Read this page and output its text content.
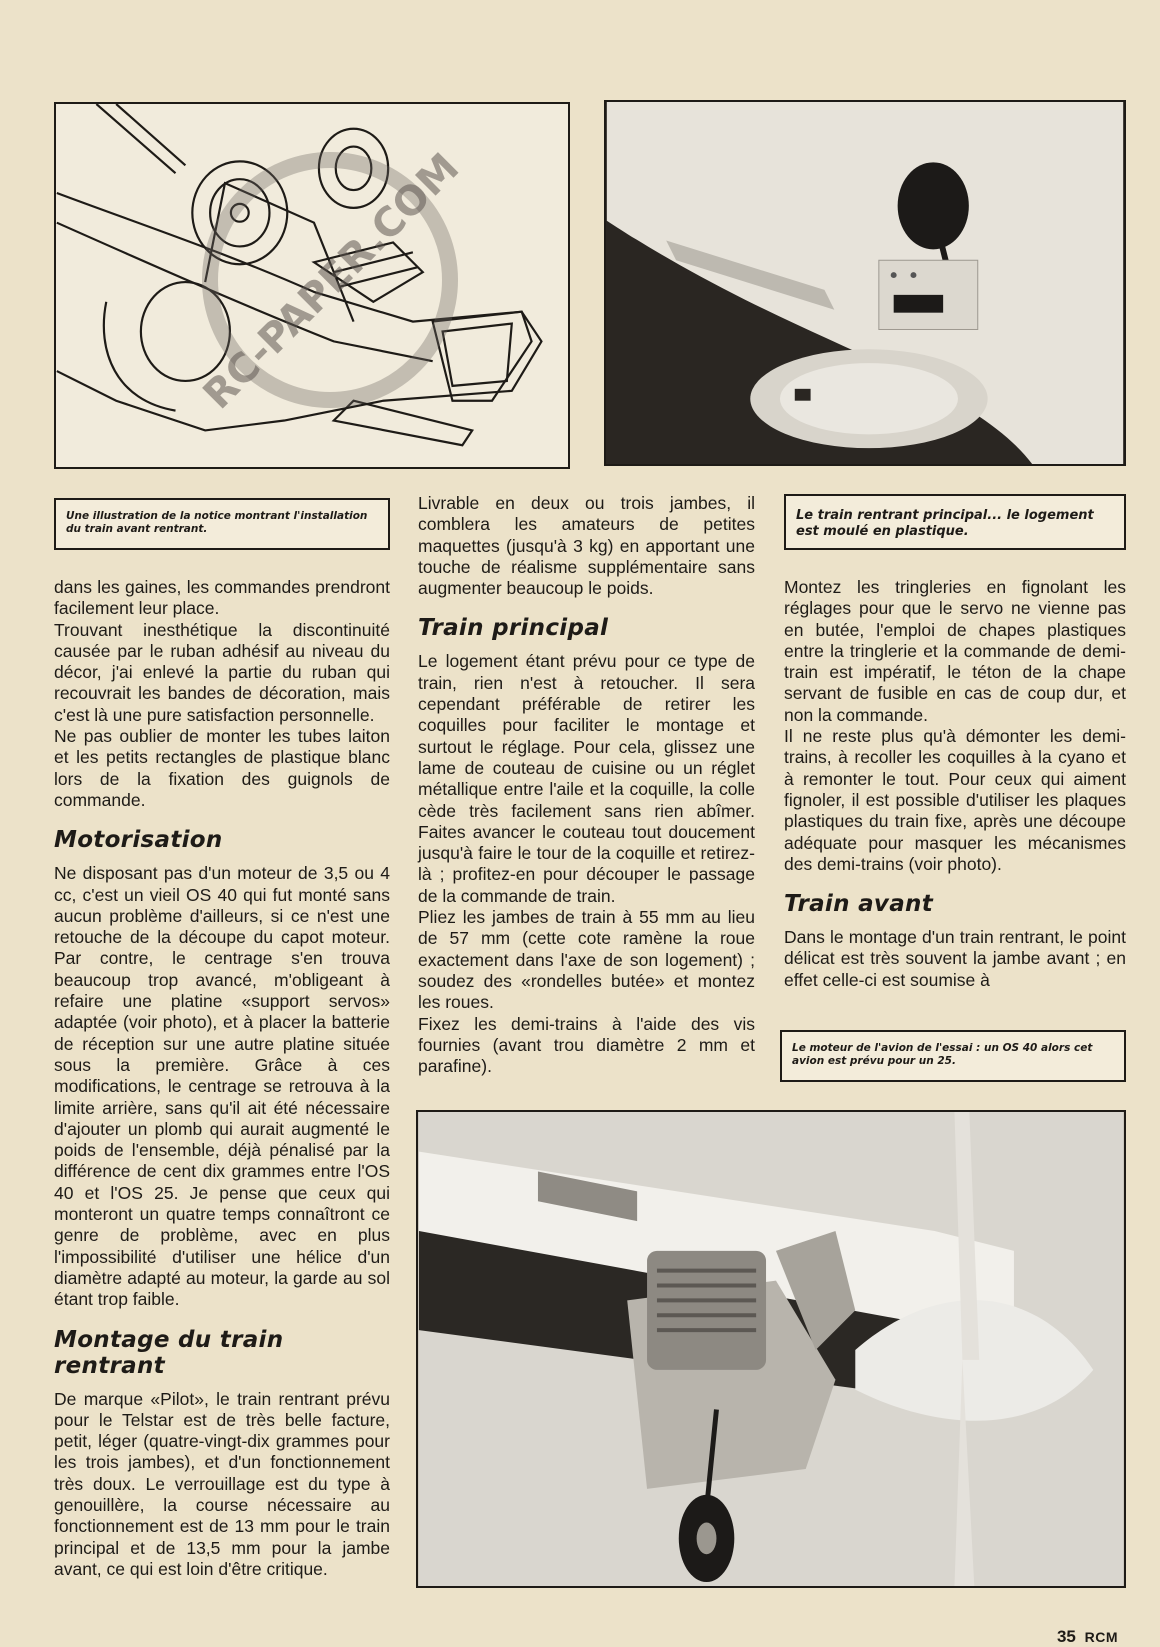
RC-PAPER.COM
Une illustration de la notice montrant l'installation du train avant rentrant.
Le train rentrant principal... le logement est moulé en plastique.
Le moteur de l'avion de l'essai : un OS 40 alors cet avion est prévu pour un 25.

dans les gaines, les commandes prendront facilement leur place.

Trouvant inesthétique la discontinuité causée par le ruban adhésif au niveau du décor, j'ai enlevé la partie du ruban qui recouvrait les bandes de décoration, mais c'est là une pure satisfaction personnelle.

Ne pas oublier de monter les tubes laiton et les petits rectangles de plastique blanc lors de la fixation des guignols de commande.

Motorisation

Ne disposant pas d'un moteur de 3,5 ou 4 cc, c'est un vieil OS 40 qui fut monté sans aucun problème d'ailleurs, si ce n'est une retouche de la découpe du capot moteur. Par contre, le centrage s'en trouva beaucoup trop avancé, m'obligeant à refaire une platine «support servos» adaptée (voir photo), et à placer la batterie de réception sur une autre platine située sous la première. Grâce à ces modifications, le centrage se retrouva à la limite arrière, sans qu'il ait été nécessaire d'ajouter un plomb qui aurait augmenté le poids de l'ensemble, déjà pénalisé par la différence de cent dix grammes entre l'OS 40 et l'OS 25. Je pense que ceux qui monteront un quatre temps connaîtront ce genre de problème, avec en plus l'impossibilité d'utiliser une hélice d'un diamètre adapté au moteur, la garde au sol étant trop faible.

Montage du train rentrant

De marque «Pilot», le train rentrant prévu pour le Telstar est de très belle facture, petit, léger (quatre-vingt-dix grammes pour les trois jambes), et d'un fonctionnement très doux. Le verrouillage est du type à genouillère, la course nécessaire au fonctionnement est de 13 mm pour le train principal et de 13,5 mm pour la jambe avant, ce qui est loin d'être critique.

Livrable en deux ou trois jambes, il comblera les amateurs de petites maquettes (jusqu'à 3 kg) en apportant une touche de réalisme supplémentaire sans augmenter beaucoup le poids.

Train principal

Le logement étant prévu pour ce type de train, rien n'est à retoucher. Il sera cependant préférable de retirer les coquilles pour faciliter le montage et surtout le réglage. Pour cela, glissez une lame de couteau de cuisine ou un réglet métallique entre l'aile et la coquille, la colle cède très facilement sans rien abîmer. Faites avancer le couteau tout doucement jusqu'à faire le tour de la coquille et retirez-là ; profitez-en pour découper le passage de la commande de train.

Pliez les jambes de train à 55 mm au lieu de 57 mm (cette cote ramène la roue exactement dans l'axe de son logement) ; soudez des «rondelles butée» et montez les roues.

Fixez les demi-trains à l'aide des vis fournies (avant trou diamètre 2 mm et parafine).

Montez les tringleries en fignolant les réglages pour que le servo ne vienne pas en butée, l'emploi de chapes plastiques entre la tringlerie et la commande de demi-train est impératif, le téton de la chape servant de fusible en cas de coup dur, et non la commande.

Il ne reste plus qu'à démonter les demi-trains, à recoller les coquilles à la cyano et à remonter le tout. Pour ceux qui aiment fignoler, il est possible d'utiliser les plaques plastiques du train fixe, après une découpe adéquate pour masquer les mécanismes des demi-trains (voir photo).

Train avant

Dans le montage d'un train rentrant, le point délicat est très souvent la jambe avant ; en effet celle-ci est soumise à

35 RCM
